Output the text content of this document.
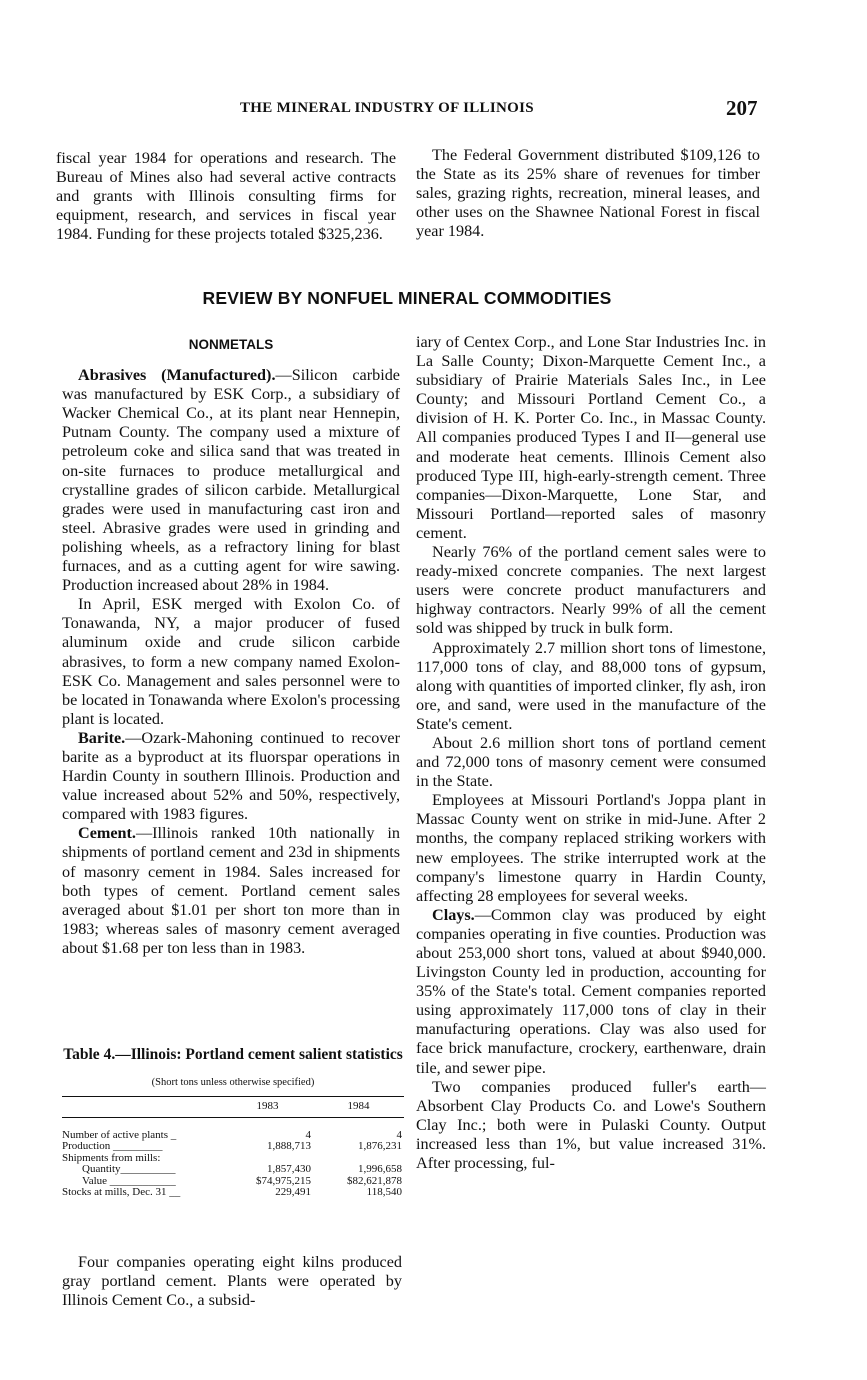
THE MINERAL INDUSTRY OF ILLINOIS	207

fiscal year 1984 for operations and research. The Bureau of Mines also had several active contracts and grants with Illinois consulting firms for equipment, research, and services in fiscal year 1984. Funding for these projects totaled $325,236.

The Federal Government distributed $109,126 to the State as its 25% share of revenues for timber sales, grazing rights, recreation, mineral leases, and other uses on the Shawnee National Forest in fiscal year 1984.

REVIEW BY NONFUEL MINERAL COMMODITIES

NONMETALS

Abrasives (Manufactured).—Silicon carbide was manufactured by ESK Corp., a subsidiary of Wacker Chemical Co., at its plant near Hennepin, Putnam County. The company used a mixture of petroleum coke and silica sand that was treated in on-site furnaces to produce metallurgical and crystalline grades of silicon carbide. Metallurgical grades were used in manufacturing cast iron and steel. Abrasive grades were used in grinding and polishing wheels, as a refractory lining for blast furnaces, and as a cutting agent for wire sawing. Production increased about 28% in 1984.

In April, ESK merged with Exolon Co. of Tonawanda, NY, a major producer of fused aluminum oxide and crude silicon carbide abrasives, to form a new company named Exolon-ESK Co. Management and sales personnel were to be located in Tonawanda where Exolon's processing plant is located.

Barite.—Ozark-Mahoning continued to recover barite as a byproduct at its fluorspar operations in Hardin County in southern Illinois. Production and value increased about 52% and 50%, respectively, compared with 1983 figures.

Cement.—Illinois ranked 10th nationally in shipments of portland cement and 23d in shipments of masonry cement in 1984. Sales increased for both types of cement. Portland cement sales averaged about $1.01 per short ton more than in 1983; whereas sales of masonry cement averaged about $1.68 per ton less than in 1983.

Table 4.—Illinois: Portland cement salient statistics
(Short tons unless otherwise specified)
	1983	1984
Number of active plants _	4	4
Production _________	1,888,713	1,876,231
Shipments from mills:		
Quantity__________	1,857,430	1,996,658
Value ____________	$74,975,215	$82,621,878
Stocks at mills, Dec. 31 __	229,491	118,540

Four companies operating eight kilns produced gray portland cement. Plants were operated by Illinois Cement Co., a subsid-

iary of Centex Corp., and Lone Star Industries Inc. in La Salle County; Dixon-Marquette Cement Inc., a subsidiary of Prairie Materials Sales Inc., in Lee County; and Missouri Portland Cement Co., a division of H. K. Porter Co. Inc., in Massac County. All companies produced Types I and II—general use and moderate heat cements. Illinois Cement also produced Type III, high-early-strength cement. Three companies—Dixon-Marquette, Lone Star, and Missouri Portland—reported sales of masonry cement.

Nearly 76% of the portland cement sales were to ready-mixed concrete companies. The next largest users were concrete product manufacturers and highway contractors. Nearly 99% of all the cement sold was shipped by truck in bulk form.

Approximately 2.7 million short tons of limestone, 117,000 tons of clay, and 88,000 tons of gypsum, along with quantities of imported clinker, fly ash, iron ore, and sand, were used in the manufacture of the State's cement.

About 2.6 million short tons of portland cement and 72,000 tons of masonry cement were consumed in the State.

Employees at Missouri Portland's Joppa plant in Massac County went on strike in mid-June. After 2 months, the company replaced striking workers with new employees. The strike interrupted work at the company's limestone quarry in Hardin County, affecting 28 employees for several weeks.

Clays.—Common clay was produced by eight companies operating in five counties. Production was about 253,000 short tons, valued at about $940,000. Livingston County led in production, accounting for 35% of the State's total. Cement companies reported using approximately 117,000 tons of clay in their manufacturing operations. Clay was also used for face brick manufacture, crockery, earthenware, drain tile, and sewer pipe.

Two companies produced fuller's earth—Absorbent Clay Products Co. and Lowe's Southern Clay Inc.; both were in Pulaski County. Output increased less than 1%, but value increased 31%. After processing, ful-
